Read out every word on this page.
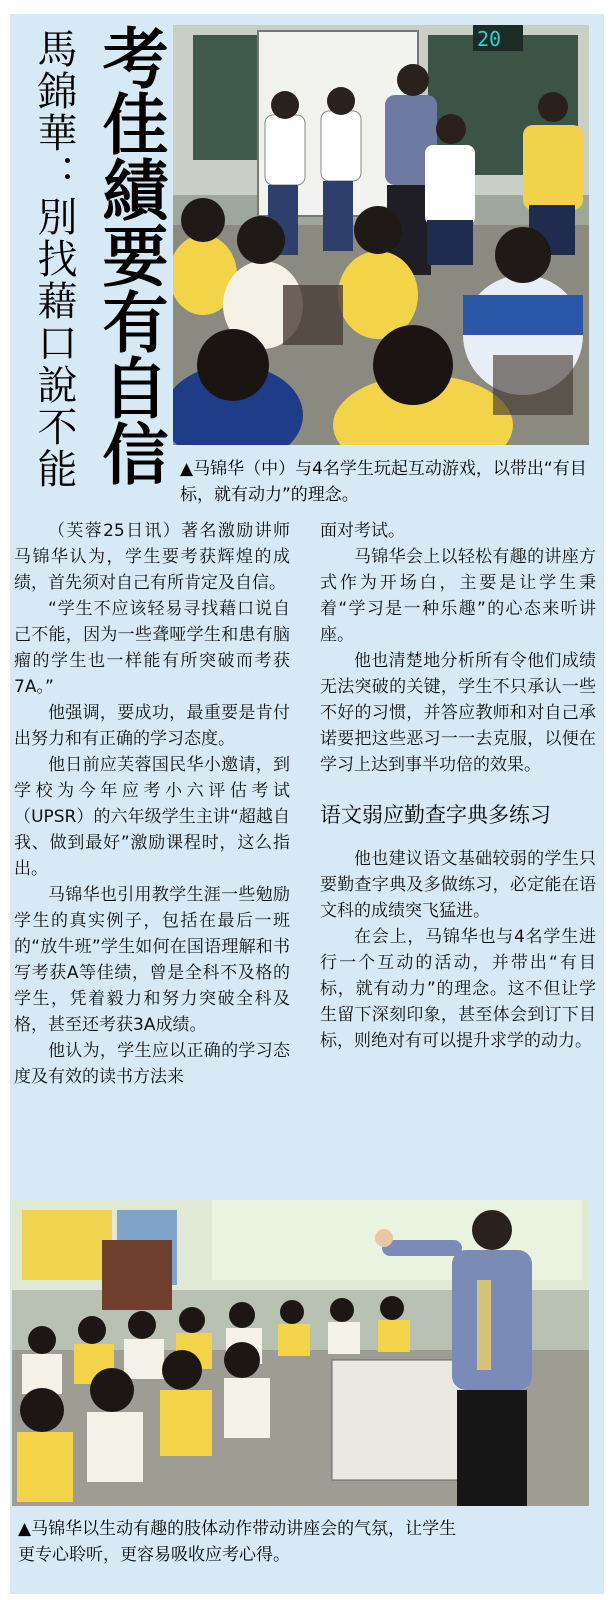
考佳績要有自信
馬錦華：別找藉口說不能	20
▲马锦华（中）与4名学生玩起互动游戏，以带出“有目标，就有动力”的理念。

（芙蓉25日讯）著名激励讲师马锦华认为，学生要考获辉煌的成绩，首先须对自己有所肯定及自信。

“学生不应该轻易寻找藉口说自己不能，因为一些聋哑学生和患有脑瘤的学生也一样能有所突破而考获7A。”

他强调，要成功，最重要是肯付出努力和有正确的学习态度。

他日前应芙蓉国民华小邀请，到学校为今年应考小六评估考试（UPSR）的六年级学生主讲“超越自我、做到最好”激励课程时，这么指出。

马锦华也引用教学生涯一些勉励学生的真实例子，包括在最后一班的“放牛班”学生如何在国语理解和书写考获A等佳绩，曾是全科不及格的学生，凭着毅力和努力突破全科及格，甚至还考获3A成绩。

他认为，学生应以正确的学习态度及有效的读书方法来

面对考试。

马锦华会上以轻松有趣的讲座方式作为开场白，主要是让学生秉着“学习是一种乐趣”的心态来听讲座。

他也清楚地分析所有令他们成绩无法突破的关键，学生不只承认一些不好的习惯，并答应教师和对自己承诺要把这些恶习一一去克服，以便在学习上达到事半功倍的效果。

语文弱应勤查字典多练习

他也建议语文基础较弱的学生只要勤查字典及多做练习，必定能在语文科的成绩突飞猛进。

在会上，马锦华也与4名学生进行一个互动的活动，并带出“有目标，就有动力”的理念。这不但让学生留下深刻印象，甚至体会到订下目标，则绝对有可以提升求学的动力。

▲马锦华以生动有趣的肢体动作带动讲座会的气氛，让学生
更专心聆听，更容易吸收应考心得。
